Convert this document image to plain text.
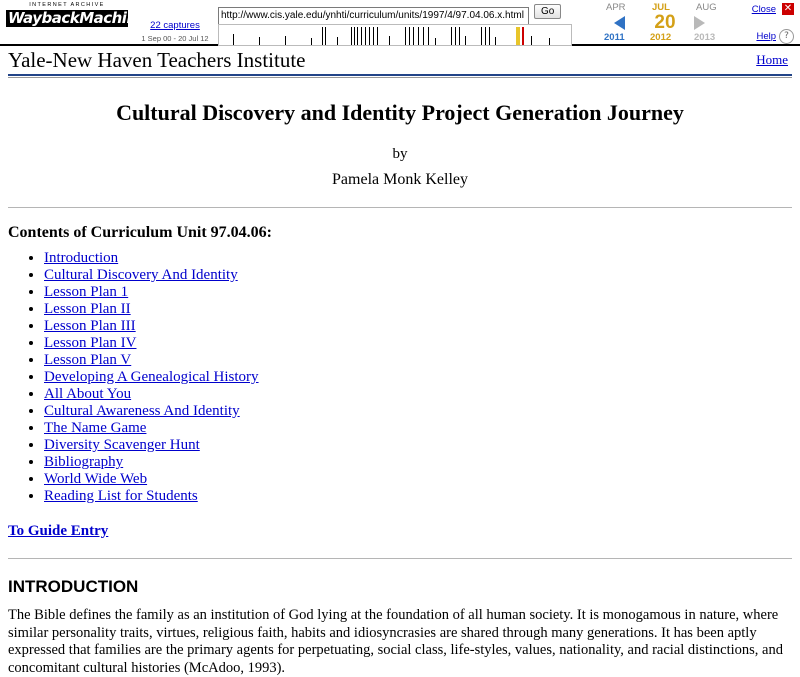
INTERNET ARCHIVE
WaybackMachine 22 captures
1 Sep 00 - 20 Jul 12
http://www.cis.yale.edu/ynhti/curriculum/units/1997/4/97.04.06.x.html
Go	APR	JUL	AUG
20
2011	2012 2013
Close ✕
Help ?
Yale-New Haven Teachers Institute	Home
Cultural Discovery and Identity Project Generation Journey
by
Pamela Monk Kelley
Contents of Curriculum Unit 97.04.06:
• Introduction
• Cultural Discovery And Identity
• Lesson Plan 1
• Lesson Plan II
• Lesson Plan III
• Lesson Plan IV
• Lesson Plan V
• Developing A Genealogical History
• All About You
• Cultural Awareness And Identity
• The Name Game
• Diversity Scavenger Hunt
• Bibliography
• World Wide Web
• Reading List for Students
To Guide Entry
INTRODUCTION

The Bible defines the family as an institution of God lying at the foundation of all human society. It is monogamous in nature, where similar personality traits, virtues, religious faith, habits and idiosyncrasies are shared through many generations. It has been aptly expressed that families are the primary agents for perpetuating, social class, life-styles, values, nationality, and racial distinctions, and concomitant cultural histories (McAdoo, 1993).
